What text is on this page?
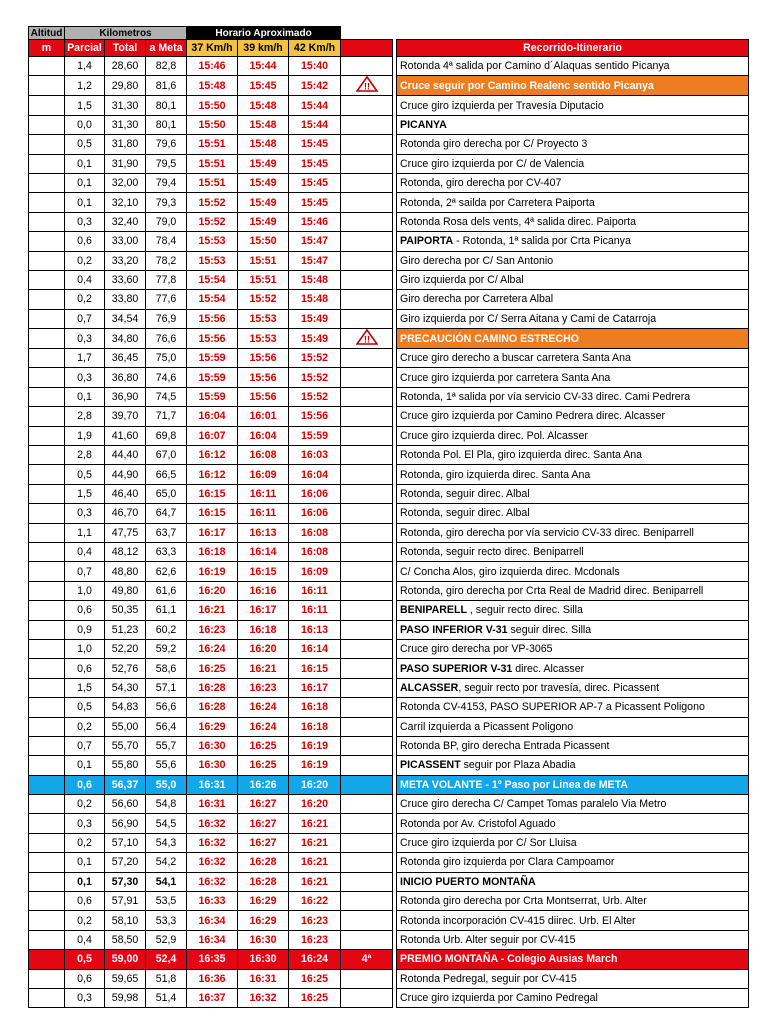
Altitud	Kilometros			Horario Aproximado					
m	Parcial	Total	a Meta	37 Km/h	39 km/h	42 Km/h			Recorrido-Itinerario
	1,4	28,60	82,8	15:46	15:44	15:40			Rotonda 4ª salida por Camino d´Alaquas sentido Picanya
	1,2	29,80	81,6	15:48	15:45	15:42	!!		Cruce seguir por Camino Realenc sentido Picanya
	1,5	31,30	80,1	15:50	15:48	15:44			Cruce giro izquierda per Travesía Diputacio
	0,0	31,30	80,1	15:50	15:48	15:44			PICANYA
	0,5	31,80	79,6	15:51	15:48	15:45			Rotonda giro derecha por C/ Proyecto 3
	0,1	31,90	79,5	15:51	15:49	15:45			Cruce giro izquierda por C/ de Valencia
	0,1	32,00	79,4	15:51	15:49	15:45			Rotonda, giro derecha por CV-407
	0,1	32,10	79,3	15:52	15:49	15:45			Rotonda, 2ª sailda por Carretera Paiporta
	0,3	32,40	79,0	15:52	15:49	15:46			Rotonda Rosa dels vents, 4ª salida direc. Paiporta
	0,6	33,00	78,4	15:53	15:50	15:47			PAIPORTA - Rotonda, 1ª salida por Crta Picanya
	0,2	33,20	78,2	15:53	15:51	15:47			Giro derecha por C/ San Antonio
	0,4	33,60	77,8	15:54	15:51	15:48			Giro izquierda por C/ Albal
	0,2	33,80	77,6	15:54	15:52	15:48			Giro derecha por Carretera Albal
	0,7	34,54	76,9	15:56	15:53	15:49			Giro izquierda por C/ Serra Aitana y Cami de Catarroja
	0,3	34,80	76,6	15:56	15:53	15:49	!!		PRECAUCIÓN CAMINO ESTRECHO
	1,7	36,45	75,0	15:59	15:56	15:52			Cruce giro derecho a buscar carretera Santa Ana
	0,3	36,80	74,6	15:59	15:56	15:52			Cruce giro izquierda por carretera Santa Ana
	0,1	36,90	74,5	15:59	15:56	15:52			Rotonda, 1ª salida por vía servicio CV-33 direc. Cami Pedrera
	2,8	39,70	71,7	16:04	16:01	15:56			Cruce giro izquierda por Camino Pedrera direc. Alcasser
	1,9	41,60	69,8	16:07	16:04	15:59			Cruce giro izquierda direc. Pol. Alcasser
	2,8	44,40	67,0	16:12	16:08	16:03			Rotonda Pol. El Pla, giro izquierda direc. Santa Ana
	0,5	44,90	66,5	16:12	16:09	16:04			Rotonda, giro izquierda direc. Santa Ana
	1,5	46,40	65,0	16:15	16:11	16:06			Rotonda, seguir direc. Albal
	0,3	46,70	64,7	16:15	16:11	16:06			Rotonda, seguir direc. Albal
	1,1	47,75	63,7	16:17	16:13	16:08			Rotonda, giro derecha por vía servicio CV-33 direc. Beniparrell
	0,4	48,12	63,3	16:18	16:14	16:08			Rotonda, seguir recto direc. Beniparrell
	0,7	48,80	62,6	16:19	16:15	16:09			C/ Concha Alos, giro izquierda direc. Mcdonals
	1,0	49,80	61,6	16:20	16:16	16:11			Rotonda, giro derecha por Crta Real de Madrid direc. Beniparrell
	0,6	50,35	61,1	16:21	16:17	16:11			BENIPARELL , seguir recto direc. Silla
	0,9	51,23	60,2	16:23	16:18	16:13			PASO INFERIOR V-31 seguir direc. Silla
	1,0	52,20	59,2	16:24	16:20	16:14			Cruce giro derecha por VP-3065
	0,6	52,76	58,6	16:25	16:21	16:15			PASO SUPERIOR V-31 direc. Alcasser
	1,5	54,30	57,1	16:28	16:23	16:17			ALCASSER, seguir recto por travesía, direc. Picassent
	0,5	54,83	56,6	16:28	16:24	16:18			Rotonda CV-4153, PASO SUPERIOR AP-7 a Picassent Poligono
	0,2	55,00	56,4	16:29	16:24	16:18			Carril izquierda a Picassent Poligono
	0,7	55,70	55,7	16:30	16:25	16:19			Rotonda BP, giro derecha Entrada Picassent
	0,1	55,80	55,6	16:30	16:25	16:19			PICASSENT seguir por Plaza Abadia
	0,6	56,37	55,0	16:31	16:26	16:20			META VOLANTE - 1º Paso por Linea de META
	0,2	56,60	54,8	16:31	16:27	16:20			Cruce giro derecha C/ Campet Tomas paralelo Via Metro
	0,3	56,90	54,5	16:32	16:27	16:21			Rotonda por Av. Cristofol Aguado
	0,2	57,10	54,3	16:32	16:27	16:21			Cruce giro izquierda por C/ Sor Lluisa
	0,1	57,20	54,2	16:32	16:28	16:21			Rotonda giro izquierda por Clara Campoamor
	0,1	57,30	54,1	16:32	16:28	16:21			INICIO PUERTO MONTAÑA
	0,6	57,91	53,5	16:33	16:29	16:22			Rotonda giro derecha por Crta Montserrat, Urb. Alter
	0,2	58,10	53,3	16:34	16:29	16:23			Rotonda incorporación CV-415 diirec. Urb. El Alter
	0,4	58,50	52,9	16:34	16:30	16:23			Rotonda Urb. Alter seguir por CV-415
	0,5	59,00	52,4	16:35	16:30	16:24	4ª		PREMIO MONTAÑA - Colegio Ausias March
	0,6	59,65	51,8	16:36	16:31	16:25			Rotonda Pedregal, seguir por CV-415
	0,3	59,98	51,4	16:37	16:32	16:25			Cruce giro izquierda por Camino Pedregal
